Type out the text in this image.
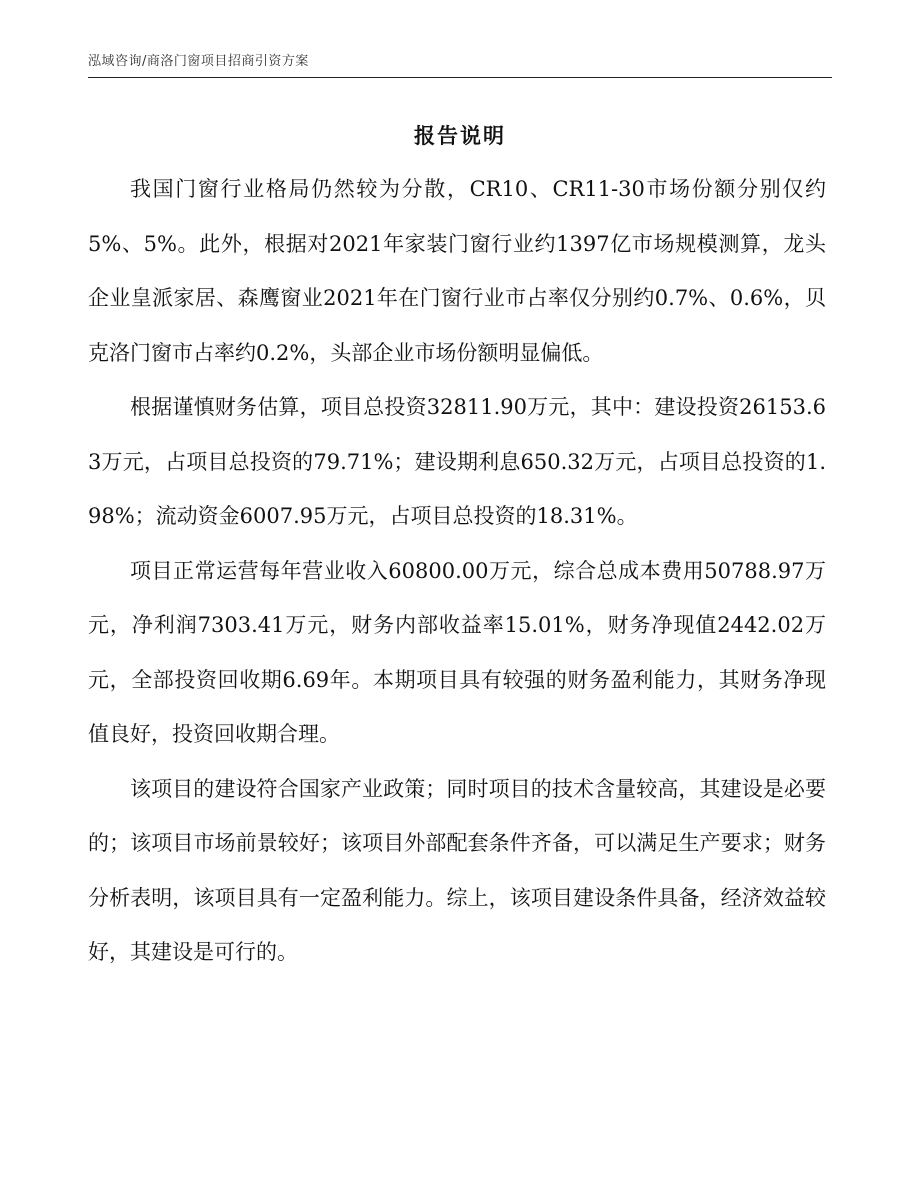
泓域咨询/商洛门窗项目招商引资方案
报告说明

我国门窗行业格局仍然较为分散，CR10、CR11-30市场份额分别仅约5%、5%。此外，根据对2021年家装门窗行业约1397亿市场规模测算，龙头企业皇派家居、森鹰窗业2021年在门窗行业市占率仅分别约0.7%、0.6%，贝克洛门窗市占率约0.2%，头部企业市场份额明显偏低。

根据谨慎财务估算，项目总投资32811.90万元，其中：建设投资26153.63万元，占项目总投资的79.71%；建设期利息650.32万元，占项目总投资的1.98%；流动资金6007.95万元，占项目总投资的18.31%。

项目正常运营每年营业收入60800.00万元，综合总成本费用50788.97万元，净利润7303.41万元，财务内部收益率15.01%，财务净现值2442.02万元，全部投资回收期6.69年。本期项目具有较强的财务盈利能力，其财务净现值良好，投资回收期合理。

该项目的建设符合国家产业政策；同时项目的技术含量较高，其建设是必要的；该项目市场前景较好；该项目外部配套条件齐备，可以满足生产要求；财务分析表明，该项目具有一定盈利能力。综上，该项目建设条件具备，经济效益较好，其建设是可行的。
